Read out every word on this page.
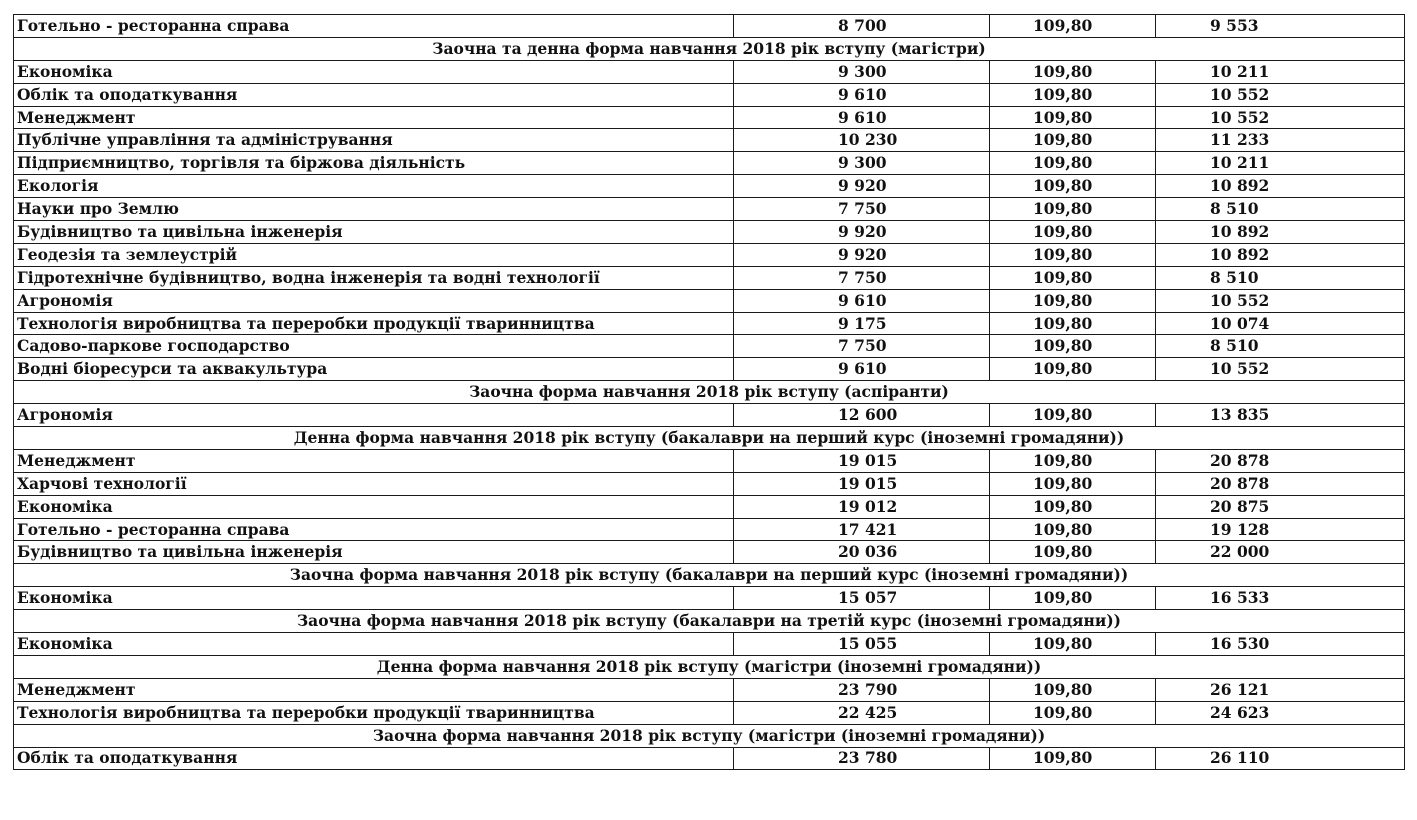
Готельно - ресторанна справа	8 700	109,80	9 553
Заочна та денна форма навчання 2018 рік вступу (магістри)			
Економіка	9 300	109,80	10 211
Облік та оподаткування	9 610	109,80	10 552
Менеджмент	9 610	109,80	10 552
Публічне управління та адміністрування	10 230	109,80	11 233
Підприємництво, торгівля та біржова діяльність	9 300	109,80	10 211
Екологія	9 920	109,80	10 892
Науки про Землю	7 750	109,80	8 510
Будівництво та цивільна інженерія	9 920	109,80	10 892
Геодезія та землеустрій	9 920	109,80	10 892
Гідротехнічне будівництво, водна інженерія та водні технології	7 750	109,80	8 510
Агрономія	9 610	109,80	10 552
Технологія виробництва та переробки продукції тваринництва	9 175	109,80	10 074
Садово-паркове господарство	7 750	109,80	8 510
Водні біоресурси та аквакультура	9 610	109,80	10 552
Заочна форма навчання 2018 рік вступу (аспіранти)			
Агрономія	12 600	109,80	13 835
Денна форма навчання 2018 рік вступу (бакалаври на перший курс (іноземні громадяни))			
Менеджмент	19 015	109,80	20 878
Харчові технології	19 015	109,80	20 878
Економіка	19 012	109,80	20 875
Готельно - ресторанна справа	17 421	109,80	19 128
Будівництво та цивільна інженерія	20 036	109,80	22 000
Заочна форма навчання 2018 рік вступу (бакалаври на перший курс (іноземні громадяни))			
Економіка	15 057	109,80	16 533
Заочна форма навчання 2018 рік вступу (бакалаври на третій курс (іноземні громадяни))			
Економіка	15 055	109,80	16 530
Денна форма навчання 2018 рік вступу (магістри (іноземні громадяни))			
Менеджмент	23 790	109,80	26 121
Технологія виробництва та переробки продукції тваринництва	22 425	109,80	24 623
Заочна форма навчання 2018 рік вступу (магістри (іноземні громадяни))			
Облік та оподаткування	23 780	109,80	26 110
